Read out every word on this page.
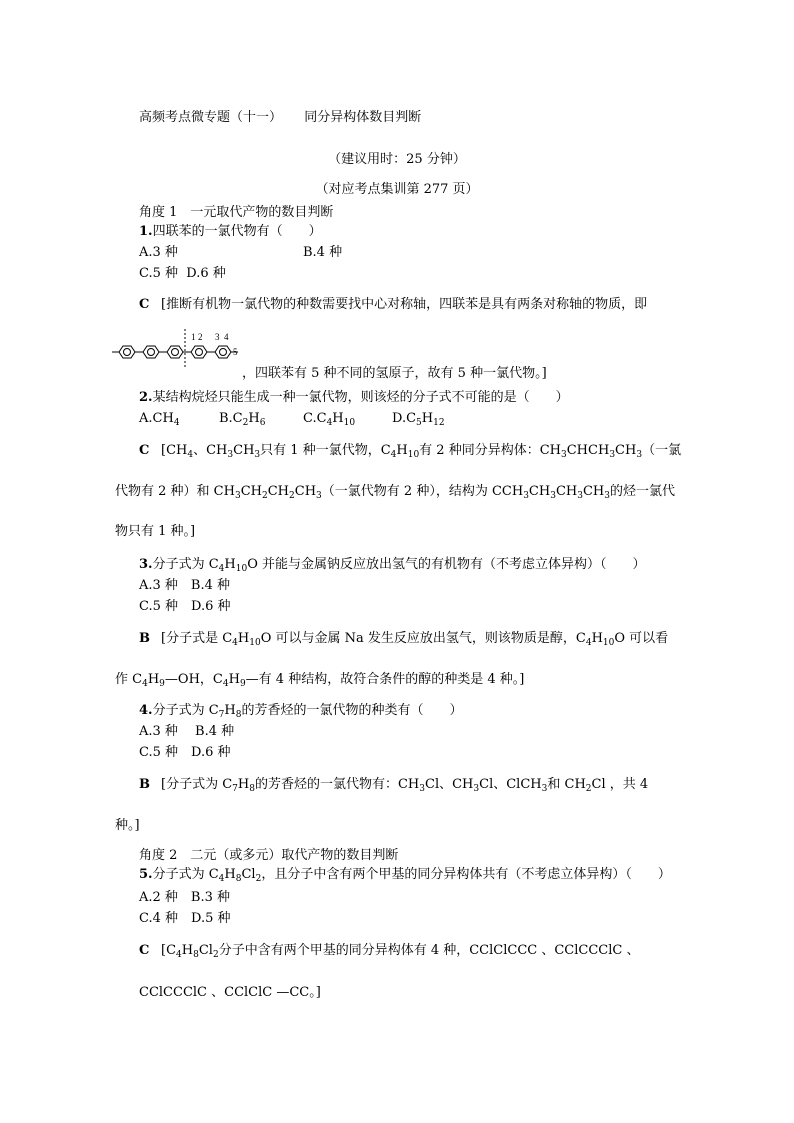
高频考点微专题（十一） 同分异构体数目判断
（建议用时：25 分钟）
（对应考点集训第 277 页）
角度 1　一元取代产物的数目判断
1.四联苯的一氯代物有（　　）
A.3 种	B.4 种
C.5 种 D.6 种
C [推断有机物一氯代物的种数需要找中心对称轴，四联苯是具有两条对称轴的物质，即
1 2 3 4
5
，四联苯有 5 种不同的氢原子，故有 5 种一氯代物。]
2.某结构烷烃只能生成一种一氯代物，则该烃的分子式不可能的是（　　）
$A.CH_4$	$B.C_2H_6$	$C.C_4H_{10}$	$D.C_5H_{12}$
C [$CH_4$、$CH_3CH_3$只有 1 种一氯代物，$C_4H_{10}$有 2 种同分异构体：$CH_3CHCH_3CH_3$（一氯
代物有 2 种）和 $CH_3CH_2CH_2CH_3$（一氯代物有 2 种），结构为 $CCH_3CH_3CH_3CH_3$的烃一氯代
物只有 1 种。]
3.分子式为 $C_4H_{10}O$ 并能与金属钠反应放出氢气的有机物有（不考虑立体异构）（　　）
A.3 种　B.4 种
C.5 种　D.6 种
B [分子式是 $C_4H_{10}O$ 可以与金属 Na 发生反应放出氢气，则该物质是醇，$C_4H_{10}O$ 可以看
作 $C_4H_9—OH$，$C_4H_9—$有 4 种结构，故符合条件的醇的种类是 4 种。]
4.分子式为 $C_7H_8$的芳香烃的一氯代物的种类有（　　）
A.3 种　 B.4 种
C.5 种　D.6 种
B [分子式为 $C_7H_8$的芳香烃的一氯代物有：$CH_3Cl$、$CH_3Cl$、ClCH$_3$和 $CH_2Cl$ ，共 4
种。]
角度 2　二元（或多元）取代产物的数目判断
5.分子式为 $C_4H_8Cl_2$，且分子中含有两个甲基的同分异构体共有（不考虑立体异构）（　　）
A.2 种　B.3 种
C.4 种　D.5 种
C [$C_4H_8Cl_2$分子中含有两个甲基的同分异构体有 4 种，CClClCCC 、CClCCClC 、
CClCCClC 、CClClC —CC。]
